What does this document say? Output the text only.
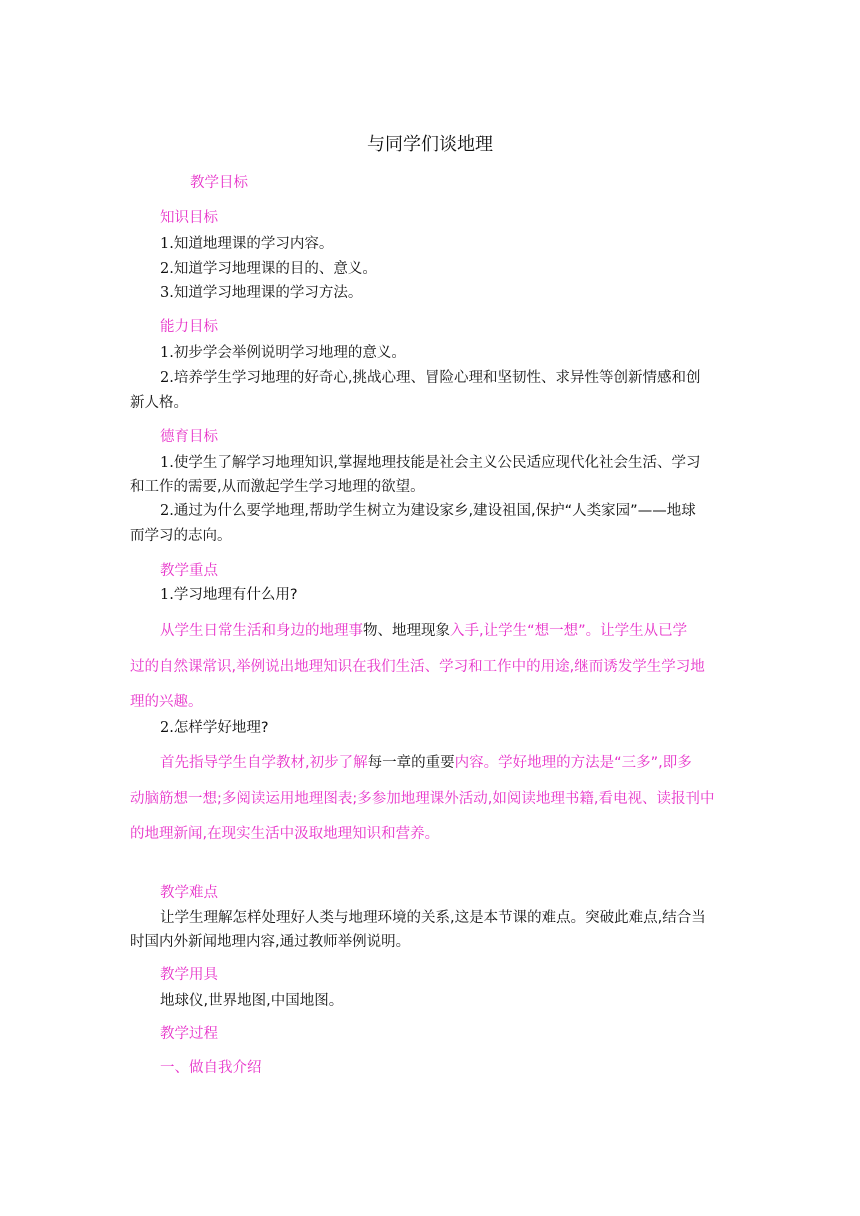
与同学们谈地理
教学目标
知识目标
1.知道地理课的学习内容。
2.知道学习地理课的目的、意义。
3.知道学习地理课的学习方法。
能力目标
1.初步学会举例说明学习地理的意义。
2.培养学生学习地理的好奇心,挑战心理、冒险心理和坚韧性、求异性等创新情感和创
新人格。
德育目标
1.使学生了解学习地理知识,掌握地理技能是社会主义公民适应现代化社会生活、学习
和工作的需要,从而激起学生学习地理的欲望。
2.通过为什么要学地理,帮助学生树立为建设家乡,建设祖国,保护“人类家园”——地球
而学习的志向。
教学重点
1.学习地理有什么用?
从学生日常生活和身边的地理事物、地理现象入手,让学生“想一想”。让学生从已学
过的自然课常识,举例说出地理知识在我们生活、学习和工作中的用途,继而诱发学生学习地
理的兴趣。
2.怎样学好地理?
首先指导学生自学教材,初步了解每一章的重要内容。学好地理的方法是“三多”,即多
动脑筋想一想;多阅读运用地理图表;多参加地理课外活动,如阅读地理书籍,看电视、读报刊中
的地理新闻,在现实生活中汲取地理知识和营养。
教学难点
让学生理解怎样处理好人类与地理环境的关系,这是本节课的难点。突破此难点,结合当
时国内外新闻地理内容,通过教师举例说明。
教学用具
地球仪,世界地图,中国地图。
教学过程
一、做自我介绍
